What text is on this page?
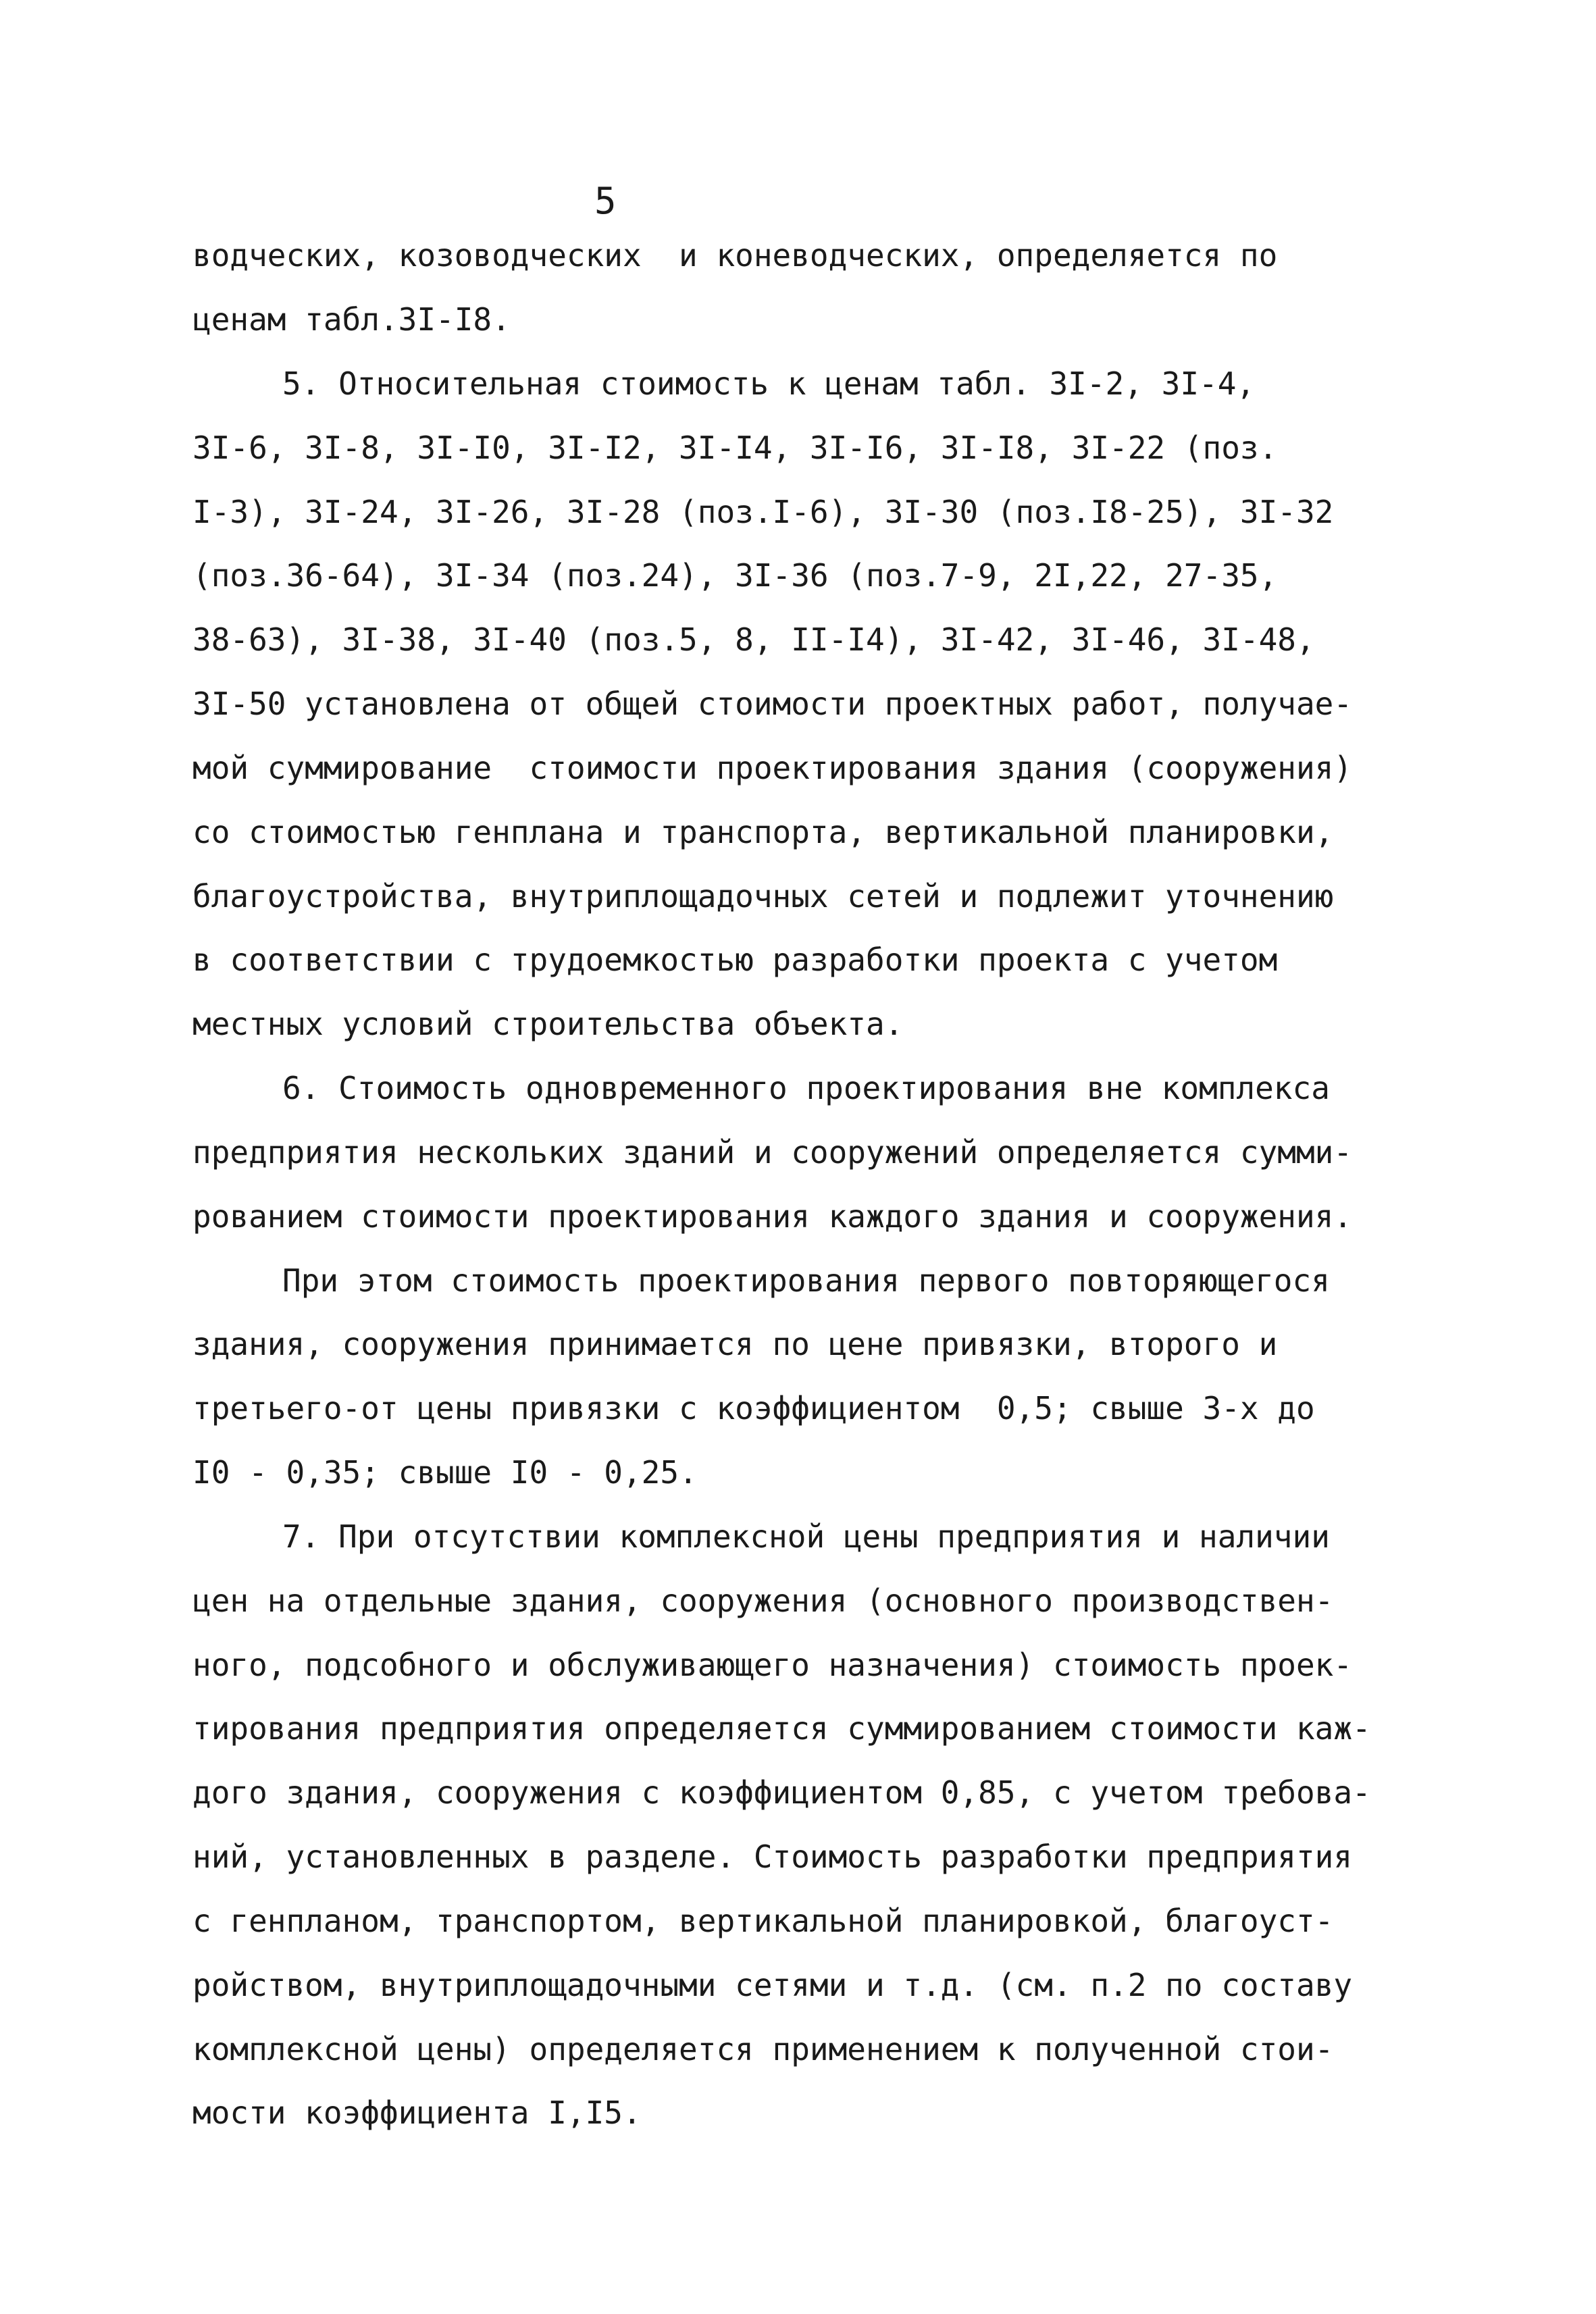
5
водческих, козоводческих  и коневодческих, определяется по
ценам табл.3I-I8.
5. Относительная стоимость к ценам табл. 3I-2, 3I-4,
3I-6, 3I-8, 3I-I0, 3I-I2, 3I-I4, 3I-I6, 3I-I8, 3I-22 (поз.
I-3), 3I-24, 3I-26, 3I-28 (поз.I-6), 3I-30 (поз.I8-25), 3I-32
(поз.36-64), 3I-34 (поз.24), 3I-36 (поз.7-9, 2I,22, 27-35,
38-63), 3I-38, 3I-40 (поз.5, 8, II-I4), 3I-42, 3I-46, 3I-48,
3I-50 установлена от общей стоимости проектных работ, получае-
мой суммирование  стоимости проектирования здания (сооружения)
со стоимостью генплана и транспорта, вертикальной планировки,
благоустройства, внутриплощадочных сетей и подлежит уточнению
в соответствии с трудоемкостью разработки проекта с учетом
местных условий строительства объекта.
6. Стоимость одновременного проектирования вне комплекса
предприятия нескольких зданий и сооружений определяется сумми-
рованием стоимости проектирования каждого здания и сооружения.
При этом стоимость проектирования первого повторяющегося
здания, сооружения принимается по цене привязки, второго и
третьего-от цены привязки с коэффициентом  0,5; свыше 3-х до
I0 - 0,35; свыше I0 - 0,25.
7. При отсутствии комплексной цены предприятия и наличии
цен на отдельные здания, сооружения (основного производствен-
ного, подсобного и обслуживающего назначения) стоимость проек-
тирования предприятия определяется суммированием стоимости каж-
дого здания, сооружения с коэффициентом 0,85, с учетом требова-
ний, установленных в разделе. Стоимость разработки предприятия
с генпланом, транспортом, вертикальной планировкой, благоуст-
ройством, внутриплощадочными сетями и т.д. (см. п.2 по составу
комплексной цены) определяется применением к полученной стои-
мости коэффициента I,I5.
